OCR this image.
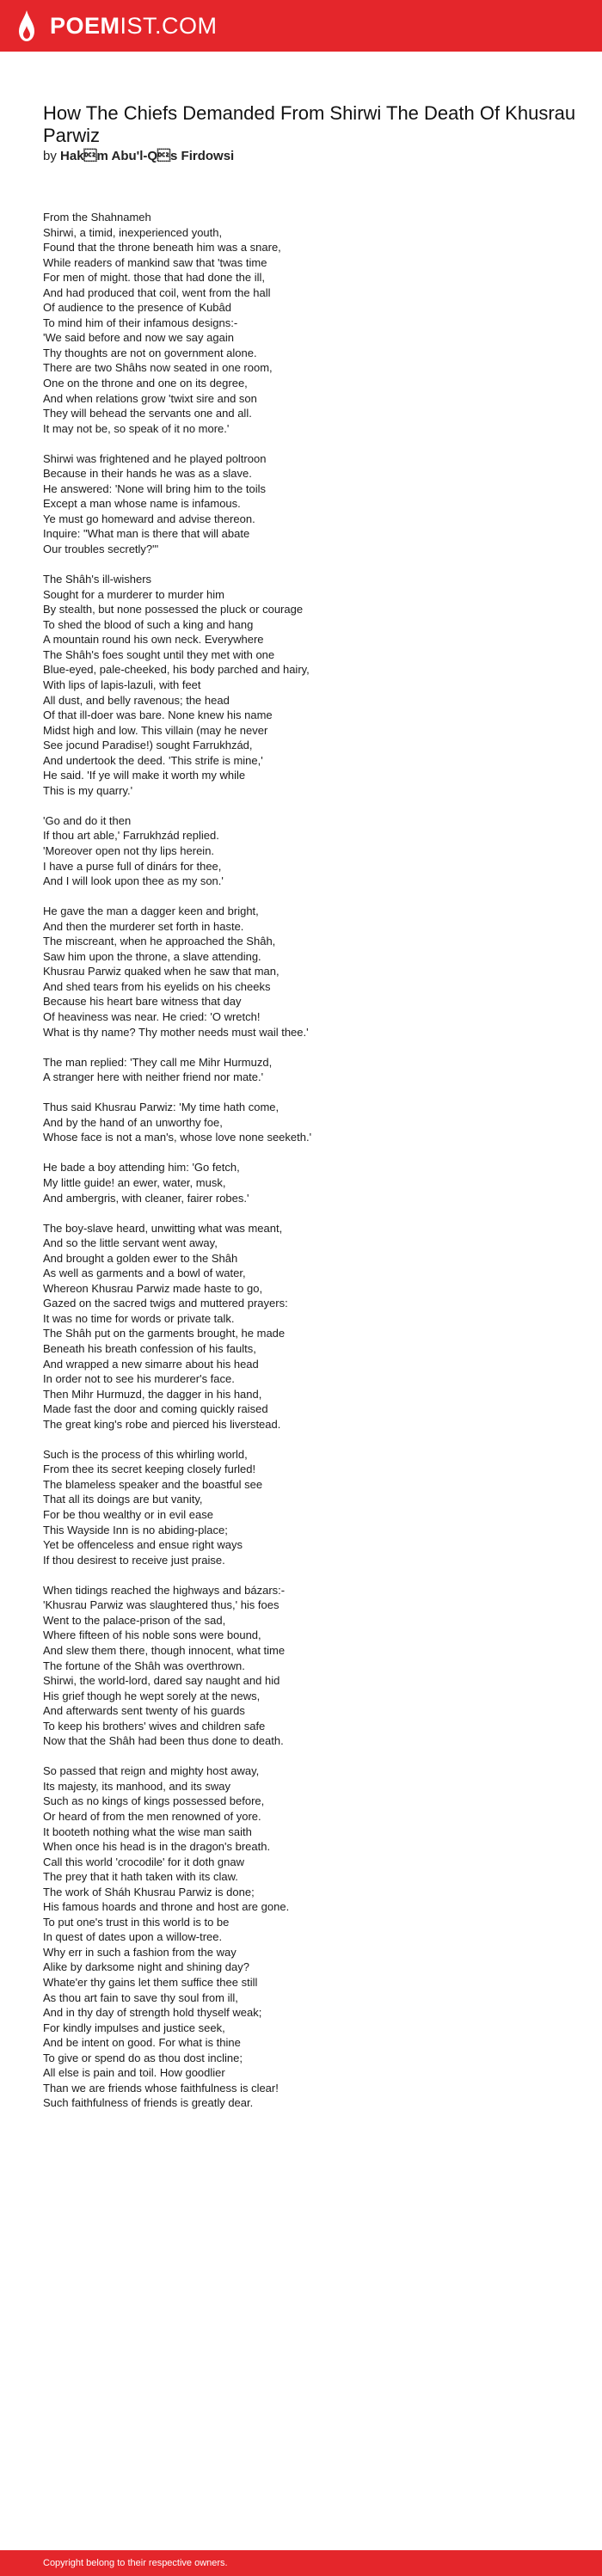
POEMIST.COM
How The Chiefs Demanded From Shirwi The Death Of Khusrau Parwiz
by Hakm Abu'l-Qs Firdowsi
From the Shahnameh
Shirwi, a timid, inexperienced youth,
Found that the throne beneath him was a snare,
While readers of mankind saw that 'twas time
For men of might. those that had done the ill,
And had produced that coil, went from the hall
Of audience to the presence of Kubâd
To mind him of their infamous designs:-
'We said before and now we say again
Thy thoughts are not on government alone.
There are two Shâhs now seated in one room,
One on the throne and one on its degree,
And when relations grow 'twixt sire and son
They will behead the servants one and all.
It may not be, so speak of it no more.'
Shirwi was frightened and he played poltroon
Because in their hands he was as a slave.
He answered: 'None will bring him to the toils
Except a man whose name is infamous.
Ye must go homeward and advise thereon.
Inquire: "What man is there that will abate
Our troubles secretly?"'
The Shâh's ill-wishers
Sought for a murderer to murder him
By stealth, but none possessed the pluck or courage
To shed the blood of such a king and hang
A mountain round his own neck. Everywhere
The Shâh's foes sought until they met with one
Blue-eyed, pale-cheeked, his body parched and hairy,
With lips of lapis-lazuli, with feet
All dust, and belly ravenous; the head
Of that ill-doer was bare. None knew his name
Midst high and low. This villain (may he never
See jocund Paradise!) sought Farrukhzád,
And undertook the deed. 'This strife is mine,'
He said. 'If ye will make it worth my while
This is my quarry.'
'Go and do it then
If thou art able,' Farrukhzád replied.
'Moreover open not thy lips herein.
I have a purse full of dinárs for thee,
And I will look upon thee as my son.'
He gave the man a dagger keen and bright,
And then the murderer set forth in haste.
The miscreant, when he approached the Shâh,
Saw him upon the throne, a slave attending.
Khusrau Parwiz quaked when he saw that man,
And shed tears from his eyelids on his cheeks
Because his heart bare witness that day
Of heaviness was near. He cried: 'O wretch!
What is thy name? Thy mother needs must wail thee.'
The man replied: 'They call me Mihr Hurmuzd,
A stranger here with neither friend nor mate.'
Thus said Khusrau Parwiz: 'My time hath come,
And by the hand of an unworthy foe,
Whose face is not a man's, whose love none seeketh.'
He bade a boy attending him: 'Go fetch,
My little guide! an ewer, water, musk,
And ambergris, with cleaner, fairer robes.'
The boy-slave heard, unwitting what was meant,
And so the little servant went away,
And brought a golden ewer to the Shâh
As well as garments and a bowl of water,
Whereon Khusrau Parwiz made haste to go,
Gazed on the sacred twigs and muttered prayers:
It was no time for words or private talk.
The Shâh put on the garments brought, he made
Beneath his breath confession of his faults,
And wrapped a new simarre about his head
In order not to see his murderer's face.
Then Mihr Hurmuzd, the dagger in his hand,
Made fast the door and coming quickly raised
The great king's robe and pierced his liverstead.
Such is the process of this whirling world,
From thee its secret keeping closely furled!
The blameless speaker and the boastful see
That all its doings are but vanity,
For be thou wealthy or in evil ease
This Wayside Inn is no abiding-place;
Yet be offenceless and ensue right ways
If thou desirest to receive just praise.
When tidings reached the highways and bázars:-
'Khusrau Parwiz was slaughtered thus,' his foes
Went to the palace-prison of the sad,
Where fifteen of his noble sons were bound,
And slew them there, though innocent, what time
The fortune of the Shâh was overthrown.
Shirwi, the world-lord, dared say naught and hid
His grief though he wept sorely at the news,
And afterwards sent twenty of his guards
To keep his brothers' wives and children safe
Now that the Shâh had been thus done to death.
So passed that reign and mighty host away,
Its majesty, its manhood, and its sway
Such as no kings of kings possessed before,
Or heard of from the men renowned of yore.
It booteth nothing what the wise man saith
When once his head is in the dragon's breath.
Call this world 'crocodile' for it doth gnaw
The prey that it hath taken with its claw.
The work of Sháh Khusrau Parwiz is done;
His famous hoards and throne and host are gone.
To put one's trust in this world is to be
In quest of dates upon a willow-tree.
Why err in such a fashion from the way
Alike by darksome night and shining day?
Whate'er thy gains let them suffice thee still
As thou art fain to save thy soul from ill,
And in thy day of strength hold thyself weak;
For kindly impulses and justice seek,
And be intent on good. For what is thine
To give or spend do as thou dost incline;
All else is pain and toil. How goodlier
Than we are friends whose faithfulness is clear!
Such faithfulness of friends is greatly dear.
Copyright belong to their respective owners.
